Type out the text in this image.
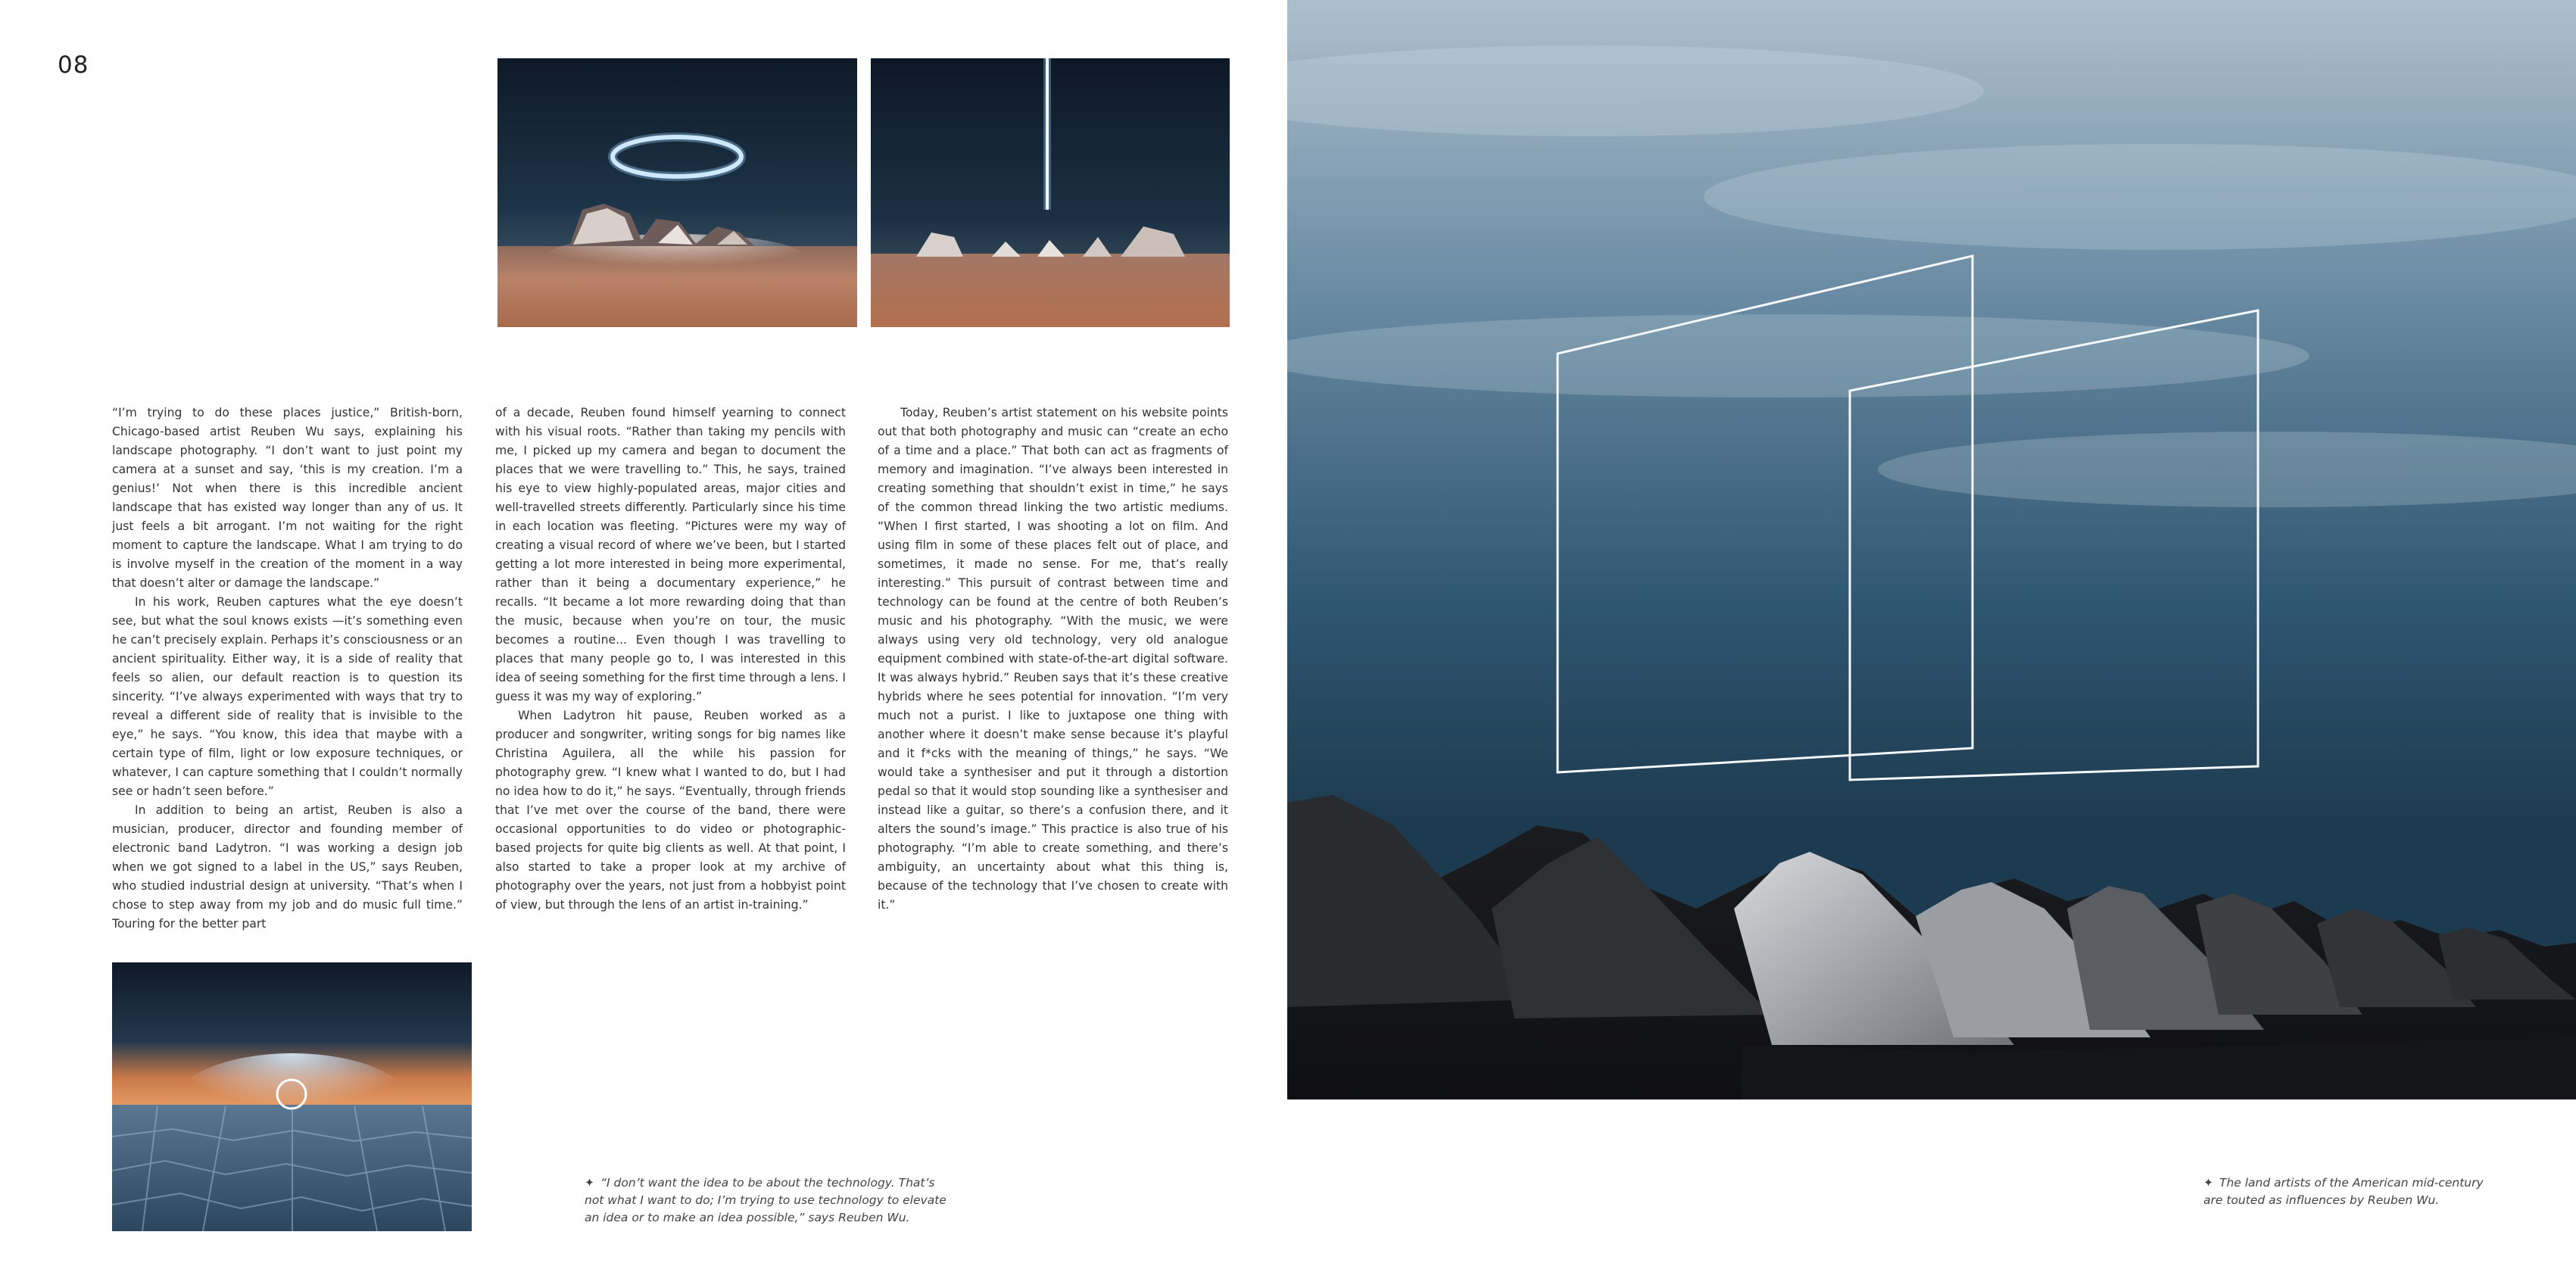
08

“I’m trying to do these places justice,” British-born, Chicago-based artist Reuben Wu says, explaining his landscape photography. “I don’t want to just point my camera at a sunset and say, ‘this is my creation. I’m a genius!’ Not when there is this incredible ancient landscape that has existed way longer than any of us. It just feels a bit arrogant. I’m not waiting for the right moment to capture the landscape. What I am trying to do is involve myself in the creation of the moment in a way that doesn’t alter or damage the landscape.”

In his work, Reuben captures what the eye doesn’t see, but what the soul knows exists —it’s something even he can’t precisely explain. Perhaps it’s consciousness or an ancient spirituality. Either way, it is a side of reality that feels so alien, our default reaction is to question its sincerity. “I’ve always experimented with ways that try to reveal a different side of reality that is invisible to the eye,” he says. “You know, this idea that maybe with a certain type of film, light or low exposure techniques, or whatever, I can capture something that I couldn’t normally see or hadn’t seen before.”

In addition to being an artist, Reuben is also a musician, producer, director and founding member of electronic band Ladytron. “I was working a design job when we got signed to a label in the US,” says Reuben, who studied industrial design at university. “That’s when I chose to step away from my job and do music full time.” Touring for the better part

of a decade, Reuben found himself yearning to connect with his visual roots. “Rather than taking my pencils with me, I picked up my camera and began to document the places that we were travelling to.” This, he says, trained his eye to view highly-populated areas, major cities and well-travelled streets differently. Particularly since his time in each location was fleeting. “Pictures were my way of creating a visual record of where we’ve been, but I started getting a lot more interested in being more experimental, rather than it being a documentary experience,” he recalls. “It became a lot more rewarding doing that than the music, because when you’re on tour, the music becomes a routine... Even though I was travelling to places that many people go to, I was interested in this idea of seeing something for the first time through a lens. I guess it was my way of exploring.”

When Ladytron hit pause, Reuben worked as a producer and songwriter, writing songs for big names like Christina Aguilera, all the while his passion for photography grew. “I knew what I wanted to do, but I had no idea how to do it,” he says. “Eventually, through friends that I’ve met over the course of the band, there were occasional opportunities to do video or photographic-based projects for quite big clients as well. At that point, I also started to take a proper look at my archive of photography over the years, not just from a hobbyist point of view, but through the lens of an artist in-training.”

Today, Reuben’s artist statement on his website points out that both photography and music can “create an echo of a time and a place.” That both can act as fragments of memory and imagination. “I’ve always been interested in creating something that shouldn’t exist in time,” he says of the common thread linking the two artistic mediums. “When I first started, I was shooting a lot on film. And using film in some of these places felt out of place, and sometimes, it made no sense. For me, that’s really interesting.” This pursuit of contrast between time and technology can be found at the centre of both Reuben’s music and his photography. “With the music, we were always using very old technology, very old analogue equipment combined with state-of-the-art digital software. It was always hybrid.” Reuben says that it’s these creative hybrids where he sees potential for innovation. “I’m very much not a purist. I like to juxtapose one thing with another where it doesn’t make sense because it’s playful and it f*cks with the meaning of things,” he says. “We would take a synthesiser and put it through a distortion pedal so that it would stop sounding like a synthesiser and instead like a guitar, so there’s a confusion there, and it alters the sound’s image.” This practice is also true of his photography. “I’m able to create something, and there’s ambiguity, an uncertainty about what this thing is, because of the technology that I’ve chosen to create with it.”

✦ “I don’t want the idea to be about the technology. That’s not what I want to do; I’m trying to use technology to elevate an idea or to make an idea possible,” says Reuben Wu.
✦ The land artists of the American mid-century are touted as influences by Reuben Wu.
